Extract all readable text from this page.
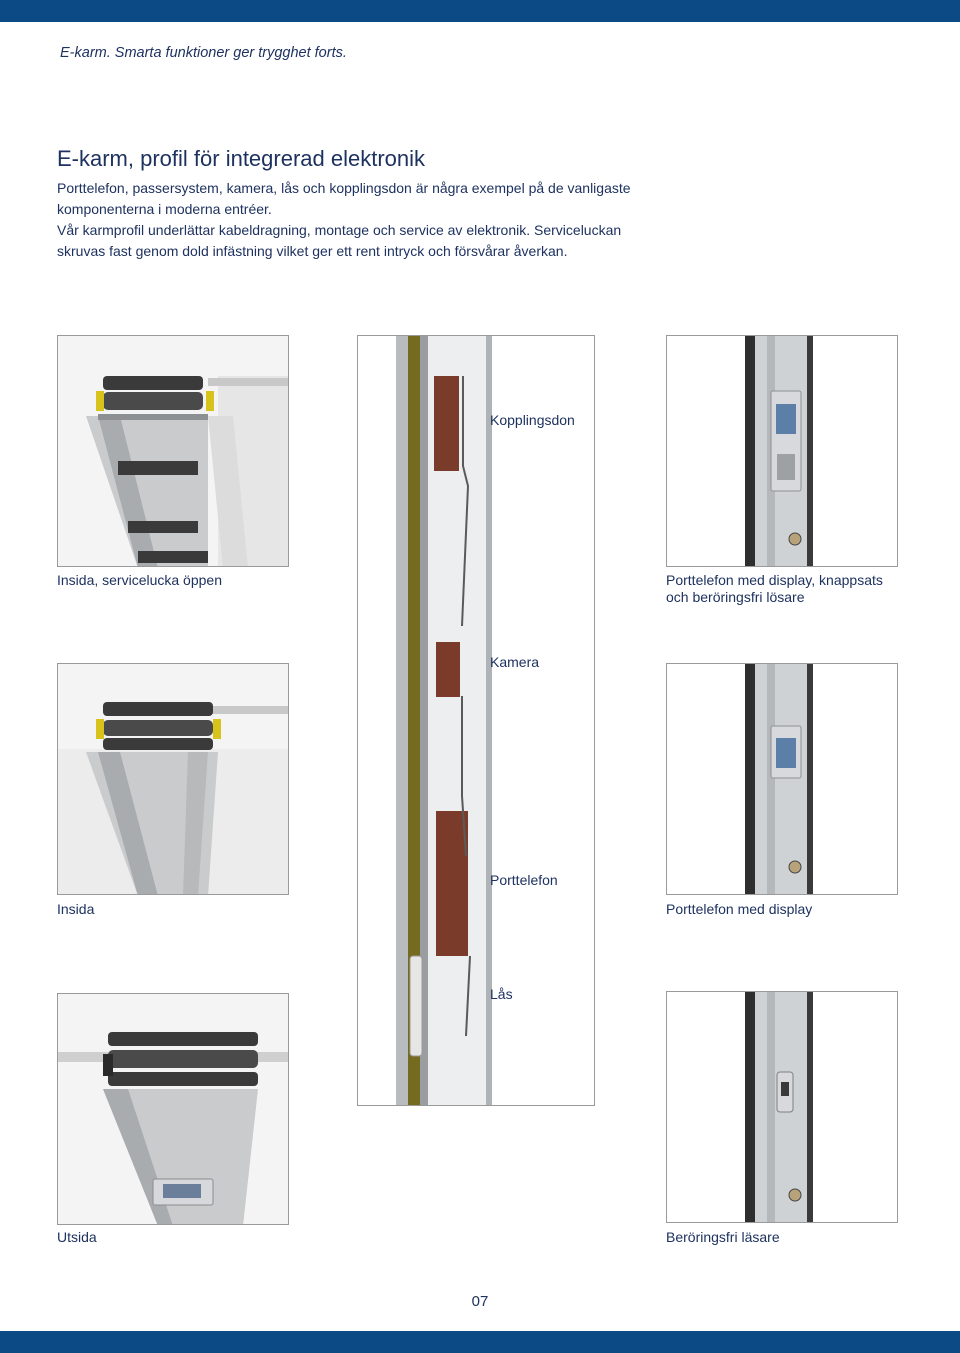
E-karm. Smarta funktioner ger trygghet forts.
E-karm, profil för integrerad elektronik

Porttelefon, passersystem, kamera, lås och kopplingsdon är några exempel på de vanligaste komponenterna i moderna entréer.

Vår karmprofil underlättar kabeldragning, montage och service av elektronik. Serviceluckan skruvas fast genom dold infästning vilket ger ett rent intryck och försvårar åverkan.

Insida, servicelucka öppen
Insida
Utsida
Kopplingsdon
Kamera
Porttelefon
Lås
Porttelefon med display, knappsats
och beröringsfri lösare
Porttelefon med display
Beröringsfri läsare
07
